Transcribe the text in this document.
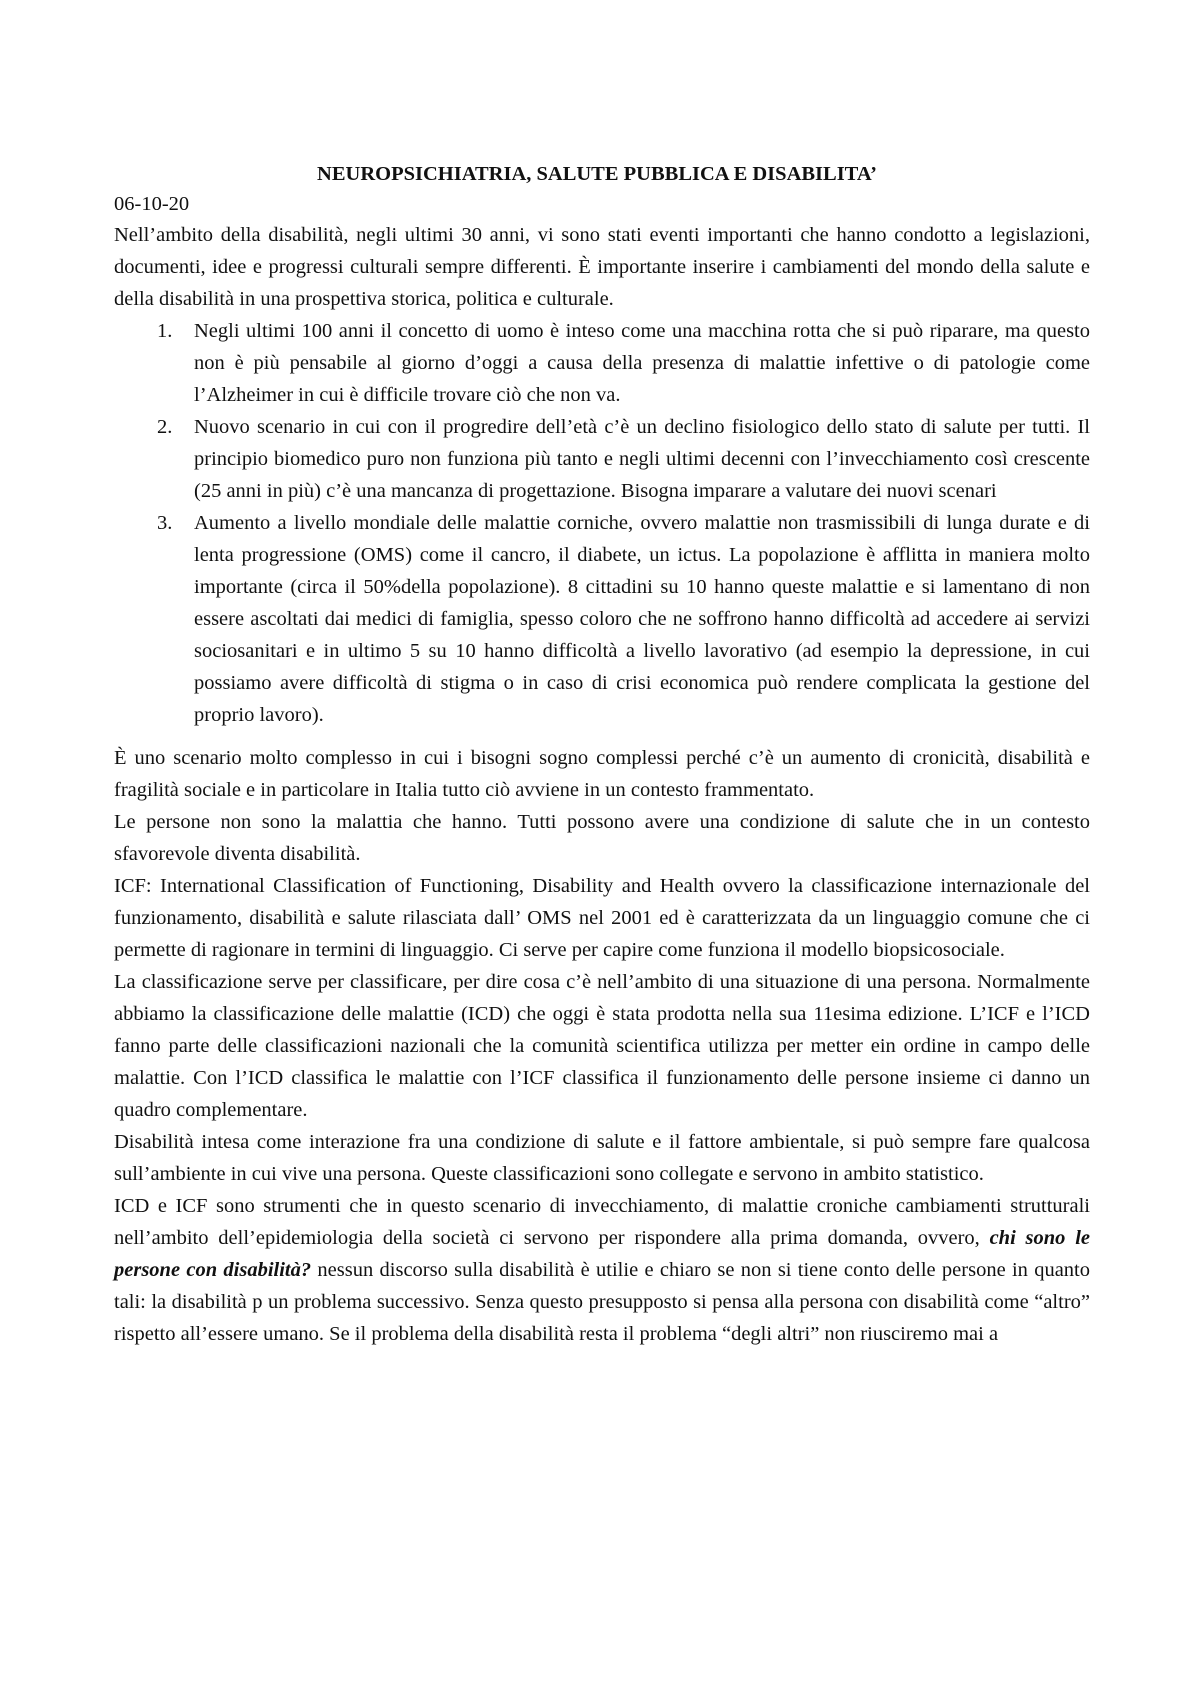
NEUROPSICHIATRIA, SALUTE PUBBLICA E DISABILITA’

06-10-20

Nell’ambito della disabilità, negli ultimi 30 anni, vi sono stati eventi importanti che hanno condotto a legislazioni, documenti, idee e progressi culturali sempre differenti. È importante inserire i cambiamenti del mondo della salute e della disabilità in una prospettiva storica, politica e culturale.

1. Negli ultimi 100 anni il concetto di uomo è inteso come una macchina rotta che si può riparare, ma questo non è più pensabile al giorno d’oggi a causa della presenza di malattie infettive o di patologie come l’Alzheimer in cui è difficile trovare ciò che non va.
2. Nuovo scenario in cui con il progredire dell’età c’è un declino fisiologico dello stato di salute per tutti. Il principio biomedico puro non funziona più tanto e negli ultimi decenni con l’invecchiamento così crescente (25 anni in più) c’è una mancanza di progettazione. Bisogna imparare a valutare dei nuovi scenari
3. Aumento a livello mondiale delle malattie corniche, ovvero malattie non trasmissibili di lunga durate e di lenta progressione (OMS) come il cancro, il diabete, un ictus. La popolazione è afflitta in maniera molto importante (circa il 50%della popolazione). 8 cittadini su 10 hanno queste malattie e si lamentano di non essere ascoltati dai medici di famiglia, spesso coloro che ne soffrono hanno difficoltà ad accedere ai servizi sociosanitari e in ultimo 5 su 10 hanno difficoltà a livello lavorativo (ad esempio la depressione, in cui possiamo avere difficoltà di stigma o in caso di crisi economica può rendere complicata la gestione del proprio lavoro).

È uno scenario molto complesso in cui i bisogni sogno complessi perché c’è un aumento di cronicità, disabilità e fragilità sociale e in particolare in Italia tutto ciò avviene in un contesto frammentato.

Le persone non sono la malattia che hanno. Tutti possono avere una condizione di salute che in un contesto sfavorevole diventa disabilità.

ICF: International Classification of Functioning, Disability and Health ovvero la classificazione internazionale del funzionamento, disabilità e salute rilasciata dall’ OMS nel 2001 ed è caratterizzata da un linguaggio comune che ci permette di ragionare in termini di linguaggio. Ci serve per capire come funziona il modello biopsicosociale.

La classificazione serve per classificare, per dire cosa c’è nell’ambito di una situazione di una persona. Normalmente abbiamo la classificazione delle malattie (ICD) che oggi è stata prodotta nella sua 11esima edizione. L’ICF e l’ICD fanno parte delle classificazioni nazionali che la comunità scientifica utilizza per metter ein ordine in campo delle malattie. Con l’ICD classifica le malattie con l’ICF classifica il funzionamento delle persone insieme ci danno un quadro complementare.

Disabilità intesa come interazione fra una condizione di salute e il fattore ambientale, si può sempre fare qualcosa sull’ambiente in cui vive una persona. Queste classificazioni sono collegate e servono in ambito statistico.

ICD e ICF sono strumenti che in questo scenario di invecchiamento, di malattie croniche cambiamenti strutturali nell’ambito dell’epidemiologia della società ci servono per rispondere alla prima domanda, ovvero, chi sono le persone con disabilità? nessun discorso sulla disabilità è utilie e chiaro se non si tiene conto delle persone in quanto tali: la disabilità p un problema successivo. Senza questo presupposto si pensa alla persona con disabilità come “altro” rispetto all’essere umano. Se il problema della disabilità resta il problema “degli altri” non riusciremo mai a
